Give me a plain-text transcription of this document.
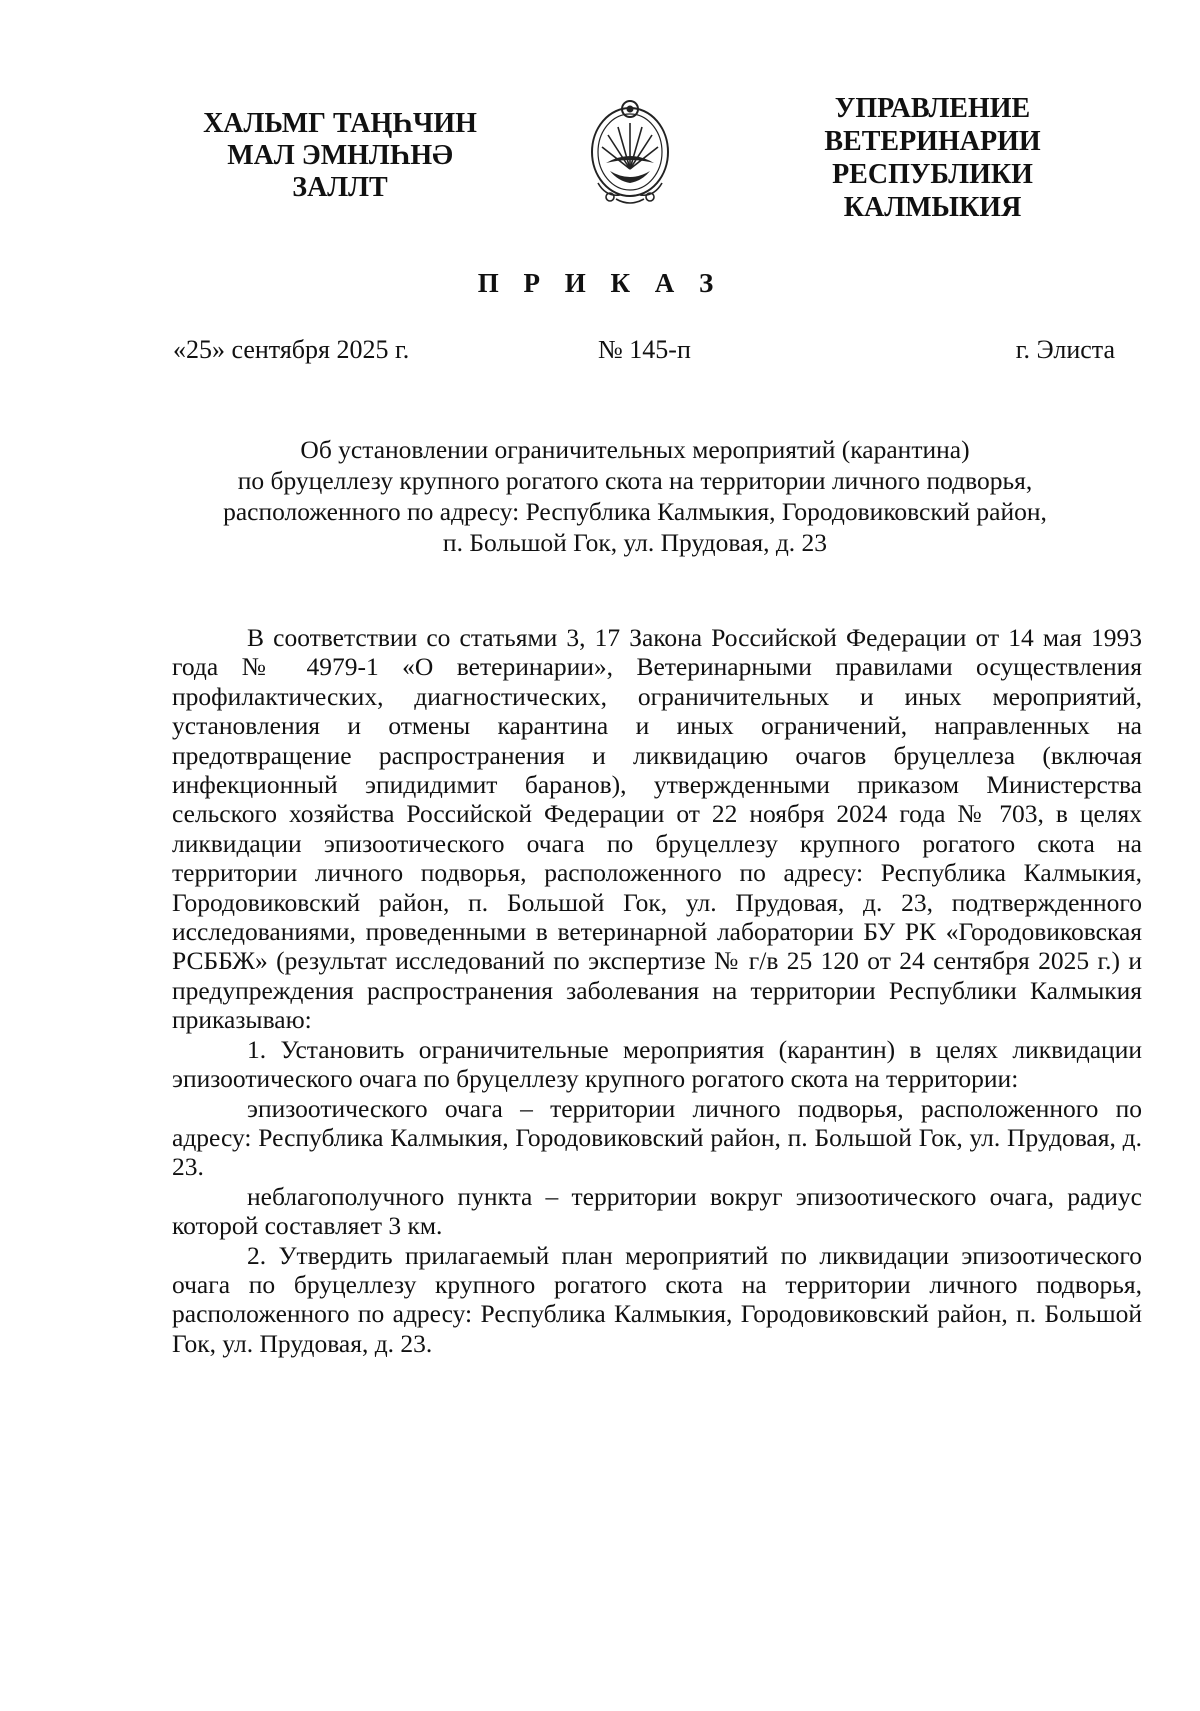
ХАЛЬМГ ТАҢҺЧИН
МАЛ ЭМНЛҺНӘ
ЗАЛЛТ
УПРАВЛЕНИЕ
ВЕТЕРИНАРИИ
РЕСПУБЛИКИ
КАЛМЫКИЯ
П Р И К А З
«25» сентября 2025 г.	№ 145-п	г. Элиста
Об установлении ограничительных мероприятий (карантина)
по бруцеллезу крупного рогатого скота на территории личного подворья,
расположенного по адресу: Республика Калмыкия, Городовиковский район,
п. Большой Гок, ул. Прудовая, д. 23

В соответствии со статьями 3, 17 Закона Российской Федерации от 14 мая 1993 года № 4979-1 «О ветеринарии», Ветеринарными правилами осуществления профилактических, диагностических, ограничительных и иных мероприятий, установления и отмены карантина и иных ограничений, направленных на предотвращение распространения и ликвидацию очагов бруцеллеза (включая инфекционный эпидидимит баранов), утвержденными приказом Министерства сельского хозяйства Российской Федерации от 22 ноября 2024 года № 703, в целях ликвидации эпизоотического очага по бруцеллезу крупного рогатого скота на территории личного подворья, расположенного по адресу: Республика Калмыкия, Городовиковский район, п. Большой Гок, ул. Прудовая, д. 23, подтвержденного исследованиями, проведенными в ветеринарной лаборатории БУ РК «Городовиковская РСББЖ» (результат исследований по экспертизе № г/в 25 120 от 24 сентября 2025 г.) и предупреждения распространения заболевания на территории Республики Калмыкия приказываю:

1. Установить ограничительные мероприятия (карантин) в целях ликвидации эпизоотического очага по бруцеллезу крупного рогатого скота на территории:

эпизоотического очага – территории личного подворья, расположенного по адресу: Республика Калмыкия, Городовиковский район, п. Большой Гок, ул. Прудовая, д. 23.

неблагополучного пункта – территории вокруг эпизоотического очага, радиус которой составляет 3 км.

2. Утвердить прилагаемый план мероприятий по ликвидации эпизоотического очага по бруцеллезу крупного рогатого скота на территории личного подворья, расположенного по адресу: Республика Калмыкия, Городовиковский район, п. Большой Гок, ул. Прудовая, д. 23.
